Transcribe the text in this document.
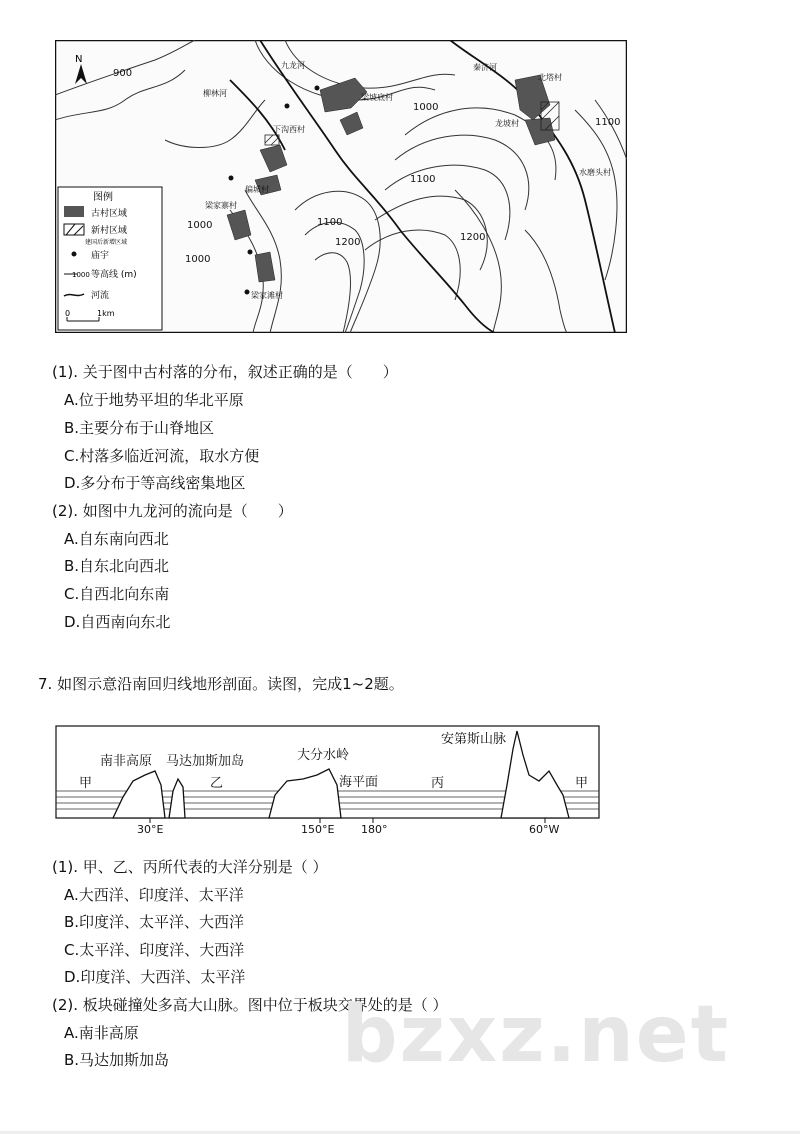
N
900
1000
1000
1100
1100
1100
1200	1200
1000
柳林河
九龙河	秦济河
下沟西村
梁坡底村
偏城村
梁家寨村
梁家滩村
北塔村
龙坡村
水磨头村
图例
古村区域
新村区域
建国后新增区域
庙宇
1000 等高线 (m)
河流
0	1km
(1). 关于图中古村落的分布，叙述正确的是（　　）
A.位于地势平坦的华北平原
B.主要分布于山脊地区
C.村落多临近河流，取水方便
D.多分布于等高线密集地区
(2). 如图中九龙河的流向是（　　）
A.自东南向西北
B.自东北向西北
C.自西北向东南
D.自西南向东北
7. 如图示意沿南回归线地形剖面。读图，完成1~2题。
30°E	150°E 180°	60°W
南非高原 马达加斯加岛	大分水岭
安第斯山脉
海平面
甲	乙	丙	甲
(1). 甲、乙、丙所代表的大洋分别是（ ）
A.大西洋、印度洋、太平洋
B.印度洋、太平洋、大西洋
C.太平洋、印度洋、大西洋
D.印度洋、大西洋、太平洋
(2). 板块碰撞处多高大山脉。图中位于板块交界处的是（ ）
A.南非高原
B.马达加斯加岛 bzxz.net
